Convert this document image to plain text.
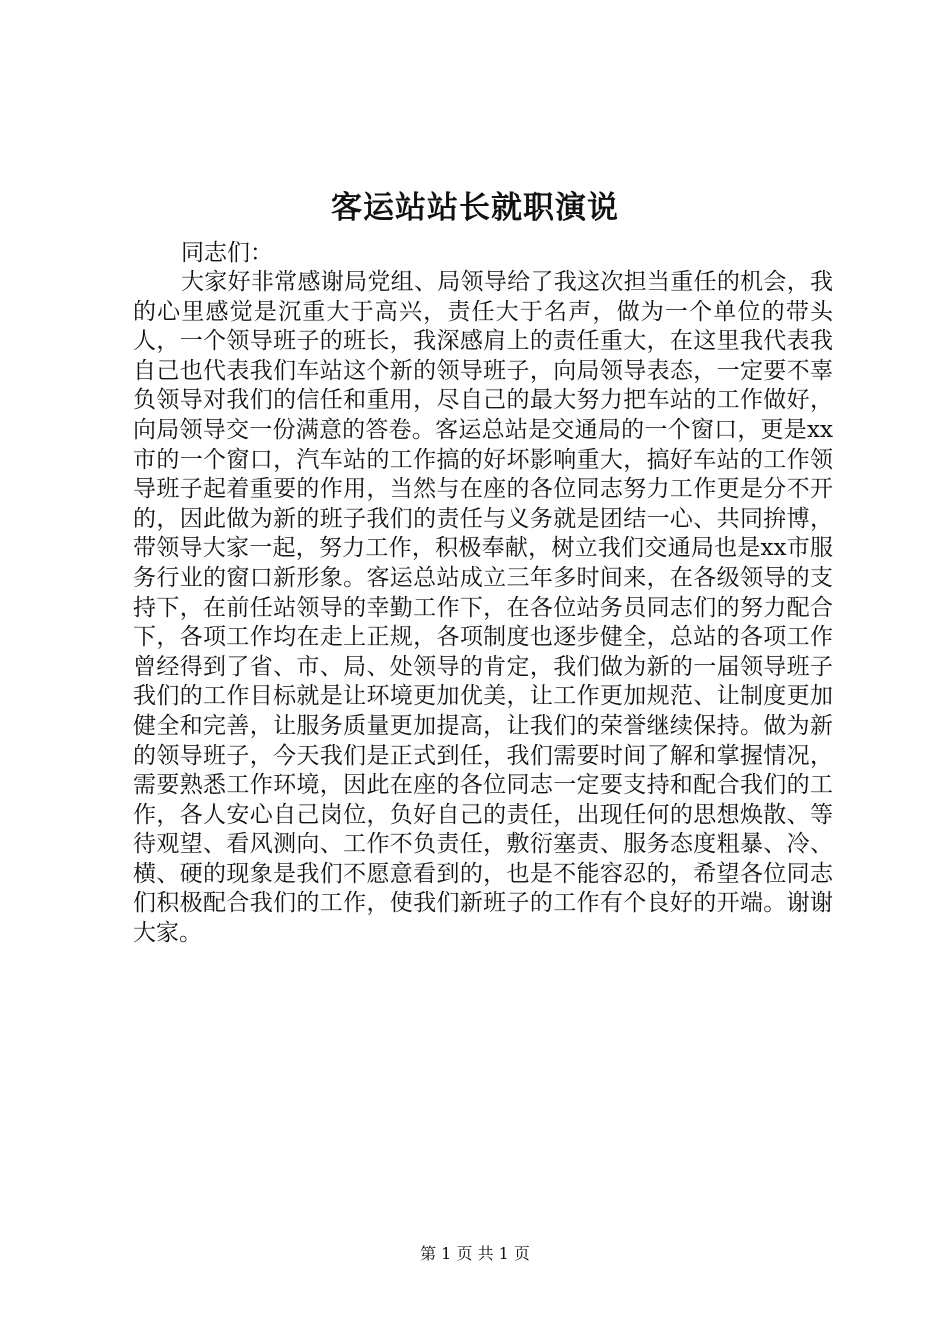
客运站站长就职演说
同志们：

大家好非常感谢局党组、局领导给了我这次担当重任的机会，我的心里感觉是沉重大于高兴，责任大于名声，做为一个单位的带头人，一个领导班子的班长，我深感肩上的责任重大，在这里我代表我自己也代表我们车站这个新的领导班子，向局领导表态，一定要不辜负领导对我们的信任和重用，尽自己的最大努力把车站的工作做好，向局领导交一份满意的答卷。客运总站是交通局的一个窗口，更是xx市的一个窗口，汽车站的工作搞的好坏影响重大，搞好车站的工作领导班子起着重要的作用，当然与在座的各位同志努力工作更是分不开的，因此做为新的班子我们的责任与义务就是团结一心、共同拚博，带领导大家一起，努力工作，积极奉献，树立我们交通局也是xx市服务行业的窗口新形象。客运总站成立三年多时间来，在各级领导的支持下，在前任站领导的幸勤工作下，在各位站务员同志们的努力配合下，各项工作均在走上正规，各项制度也逐步健全，总站的各项工作曾经得到了省、市、局、处领导的肯定，我们做为新的一届领导班子我们的工作目标就是让环境更加优美，让工作更加规范、让制度更加健全和完善，让服务质量更加提高，让我们的荣誉继续保持。做为新的领导班子，今天我们是正式到任，我们需要时间了解和掌握情况，需要熟悉工作环境，因此在座的各位同志一定要支持和配合我们的工作，各人安心自己岗位，负好自己的责任，出现任何的思想焕散、等待观望、看风测向、工作不负责任，敷衍塞责、服务态度粗暴、冷、横、硬的现象是我们不愿意看到的，也是不能容忍的，希望各位同志们积极配合我们的工作，使我们新班子的工作有个良好的开端。谢谢大家。

第 1 页 共 1 页
